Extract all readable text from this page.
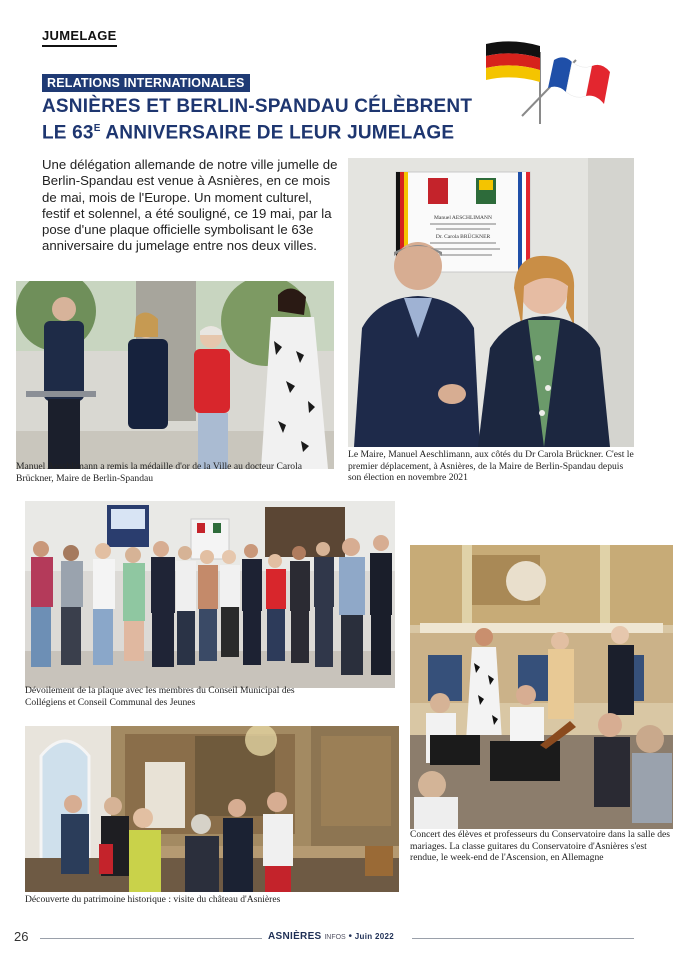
JUMELAGE
RELATIONS INTERNATIONALES
ASNIÈRES ET BERLIN-SPANDAU CÉLÈBRENT
LE $63^E$ ANNIVERSAIRE DE LEUR JUMELAGE
Une délégation allemande de notre ville jumelle de Berlin-Spandau est venue à Asnières, en ce mois de mai, mois de l'Europe. Un moment culturel, festif et solennel, a été souligné, ce 19 mai, par la pose d'une plaque officielle symbolisant le 63e anniversaire du jumelage entre nos deux villes.
Manuel Aeschlimann a remis la médaille d'or de la Ville au docteur Carola Brückner, Maire de Berlin-Spandau
Manuel AESCHLIMANN
Dr. Carola BRÜCKNER
Le Maire, Manuel Aeschlimann, aux côtés du Dr Carola Brückner. C'est le premier déplacement, à Asnières, de la Maire de Berlin-Spandau depuis son élection en novembre 2021
Dévoilement de la plaque avec les membres du Conseil Municipal des Collégiens et Conseil Communal des Jeunes
Concert des élèves et professeurs du Conservatoire dans la salle des mariages. La classe guitares du Conservatoire d'Asnières s'est rendue, le week-end de l'Ascension, en Allemagne
Découverte du patrimoine historique : visite du château d'Asnières
26	ASNIÈRES INFOS • Juin 2022
